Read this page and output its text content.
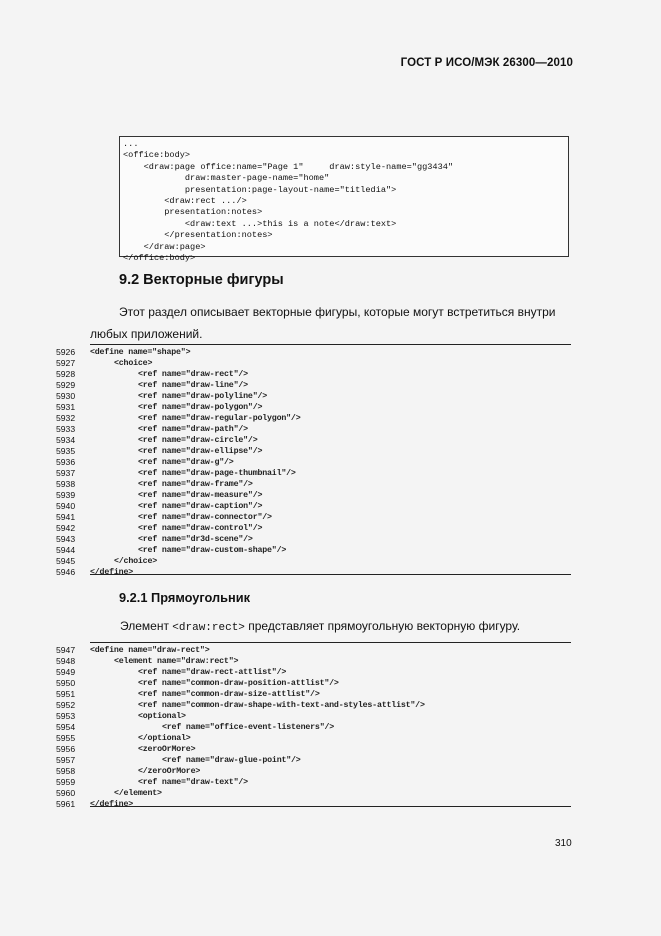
ГОСТ Р ИСО/МЭК 26300—2010
...
<office:body>
<draw:page office:name="Page 1"     draw:style-name="gg3434"
draw:master-page-name="home"
presentation:page-layout-name="titledia">
<draw:rect .../>
presentation:notes>
<draw:text ...>this is a note</draw:text>
</presentation:notes>
</draw:page>
</office:body>
9.2 Векторные фигуры
Этот раздел описывает векторные фигуры, которые могут встретиться внутри
любых приложений.
5926	<define name="shape">
5927	<choice>
5928	<ref name="draw-rect"/>
5929	<ref name="draw-line"/>
5930	<ref name="draw-polyline"/>
5931	<ref name="draw-polygon"/>
5932	<ref name="draw-regular-polygon"/>
5933	<ref name="draw-path"/>
5934	<ref name="draw-circle"/>
5935	<ref name="draw-ellipse"/>
5936	<ref name="draw-g"/>
5937	<ref name="draw-page-thumbnail"/>
5938	<ref name="draw-frame"/>
5939	<ref name="draw-measure"/>
5940	<ref name="draw-caption"/>
5941	<ref name="draw-connector"/>
5942	<ref name="draw-control"/>
5943	<ref name="dr3d-scene"/>
5944	<ref name="draw-custom-shape"/>
5945	</choice>
5946	</define>
9.2.1 Прямоугольник
Элемент <draw:rect> представляет прямоугольную векторную фигуру.
5947	<define name="draw-rect">
5948	<element name="draw:rect">
5949	<ref name="draw-rect-attlist"/>
5950	<ref name="common-draw-position-attlist"/>
5951	<ref name="common-draw-size-attlist"/>
5952	<ref name="common-draw-shape-with-text-and-styles-attlist"/>
5953	<optional>
5954	<ref name="office-event-listeners"/>
5955	</optional>
5956	<zeroOrMore>
5957	<ref name="draw-glue-point"/>
5958	</zeroOrMore>
5959	<ref name="draw-text"/>
5960	</element>
5961	</define>
310
